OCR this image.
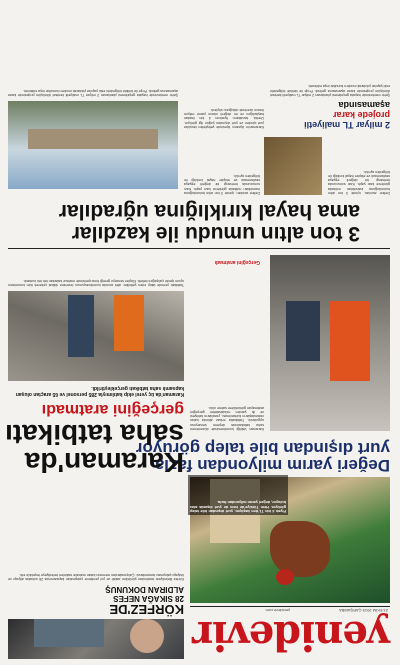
yenidevir
23 EKİM 2019 ÇARŞAMBA
yenidevir.com
KÖRFEZ'DE
28 SIKAĞA NEFES
ALDIRAN DOKUNUŞ
Körfez Belediyesi tarafından yürütülen asfalt ve yol yenileme çalışmaları kapsamında 28 sokakta altyapı ve üstyapı çalışması tamamlandı. Çalışmalardan memnun kalan mahalle sakinleri belediyeye teşekkür etti.
Fiyatı 4 bin TL'den başlıyor, yurt dışından bile talep görüyor. Hem Türkiye'de hem de yurt dışında alıcı buluyor, değeri yarım milyondan fazla.
Değeri yarım milyondan fazla,
yurt dışından bile talep görüyor
Karaman Valiliği koordinesinde düzenlenen saha tatbikatında deprem senaryosu uygulandı. Tatbikatta enkaz altında kalan vatandaşların kurtarılması, yaralıların tahliyesi ve ilk yardım müdahaleleri gerçeğini aratmayan görüntülere sahne oldu.
Karaman'da
saha tatbikatı
gerçeğini aratmadı
Karaman'da üç yerel ekip katılımıyla 285 personel ve 65 araçtan oluşan kapsamlı saha tatbikatı gerçekleştirildi.
Tatbikatı yerinde takip eden yetkililer, afet anında koordinasyonun önemine dikkat çekerek tüm kurumların uyum içinde çalıştığını belirtti. Ekipler senaryo gereği bina içerisinde mahsur kalanları tek tek kurtardı.
Gerçeğini aratmadı
3 ton altın umudu ile kazdılar
ama hayal kırıklığına uğradılar
Define avcıları, içinde 3 ton altın bulunduğuna inandıkları noktada günlerce kazı yaptı. Kazı sonucunda herhangi bir değerli eşyaya rastlanmadı ve ekipler hayal kırıklığı ile bölgeden ayrıldı.
Define avcıları, içinde 3 ton altın bulunduğuna inandıkları noktada günlerce kazı yaptı. Kazı sonucunda herhangi bir değerli eşyaya rastlanmadı ve ekipler hayal kırıklığı ile bölgeden ayrıldı.
2 milyar TL maliyetli
projede karar
aşamasında
Şehir merkezinde hayata geçirilmesi planlanan 2 milyar TL maliyetli kentsel dönüşüm projesinde karar aşamasına gelindi. Proje ile birlikte bölgedeki eski yapılar yıkılarak modern konutlar inşa edilecek.
Şehir merkezinde hayata geçirilmesi planlanan 2 milyar TL maliyetli kentsel dönüşüm projesinde karar aşamasına gelindi. Proje ile birlikte bölgedeki eski yapılar yıkılarak modern konutlar inşa edilecek.
Karaman'ın Ayrancı ilçesinde yetiştirilen tavuklar yurt içinden ve yurt dışından yoğun ilgi görüyor. Üretici, tavukların fiyatının 4 bin liradan başladığını ve en değerli olanın yarım milyon liranın üzerinde olduğunu söyledi.
